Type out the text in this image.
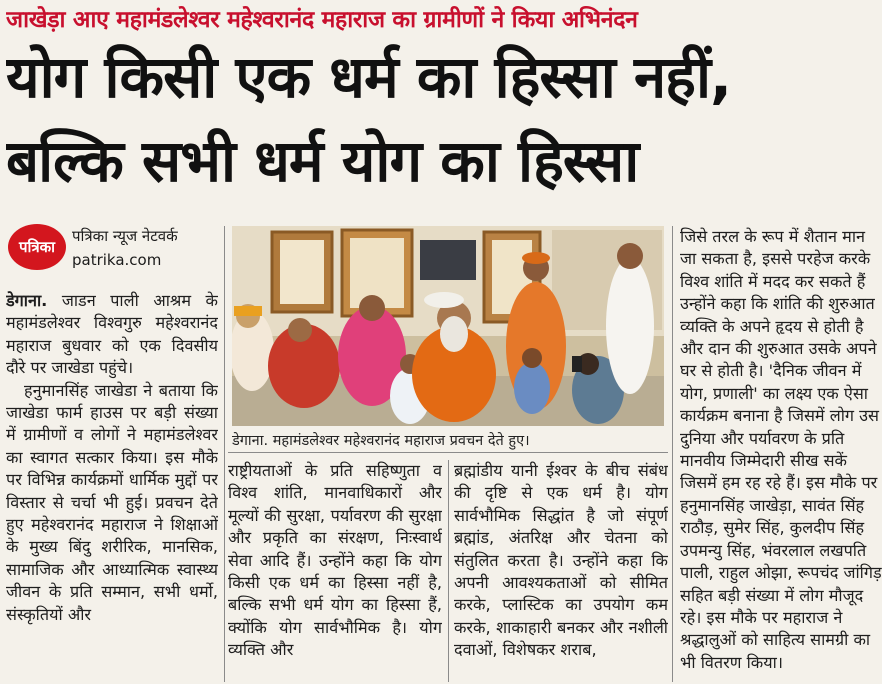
जाखेड़ा आए महामंडलेश्वर महेश्वरानंद महाराज का ग्रामीणों ने किया अभिनंदन
योग किसी एक धर्म का हिस्सा नहीं,
बल्कि सभी धर्म योग का हिस्सा
पत्रिका
पत्रिका न्यूज नेटवर्क
patrika.com

डेगाना. जाडन पाली आश्रम के महामंडलेश्वर विश्वगुरु महेश्वरानंद महाराज बुधवार को एक दिवसीय दौरे पर जाखेडा पहुंचे।

हनुमानसिंह जाखेडा ने बताया कि जाखेडा फार्म हाउस पर बड़ी संख्या में ग्रामीणों व लोगों ने महामंडलेश्वर का स्वागत सत्कार किया। इस मौके पर विभिन्न कार्यक्रमों धार्मिक मुद्दों पर विस्तार से चर्चा भी हुई। प्रवचन देते हुए महेश्वरानंद महाराज ने शिक्षाओं के मुख्य बिंदु शरीरिक, मानसिक, सामाजिक और आध्यात्मिक स्वास्थ्य जीवन के प्रति सम्मान, सभी धर्मो, संस्कृतियों और

डेगाना. महामंडलेश्वर महेश्वरानंद महाराज प्रवचन देते हुए।

राष्ट्रीयताओं के प्रति सहिष्णुता व विश्व शांति, मानवाधिकारों और मूल्यों की सुरक्षा, पर्यावरण की सुरक्षा और प्रकृति का संरक्षण, निःस्वार्थ सेवा आदि हैं। उन्होंने कहा कि योग किसी एक धर्म का हिस्सा नहीं है, बल्कि सभी धर्म योग का हिस्सा हैं, क्योंकि योग सार्वभौमिक है। योग व्यक्ति और

ब्रह्मांडीय यानी ईश्वर के बीच संबंध की दृष्टि से एक धर्म है। योग सार्वभौमिक सिद्धांत है जो संपूर्ण ब्रह्मांड, अंतरिक्ष और चेतना को संतुलित करता है। उन्होंने कहा कि अपनी आवश्यकताओं को सीमित करके, प्लास्टिक का उपयोग कम करके, शाकाहारी बनकर और नशीली दवाओं, विशेषकर शराब,

जिसे तरल के रूप में शैतान मान
जा सकता है, इससे परहेज करके
विश्व शांति में मदद कर सकते हैं
उन्होंने कहा कि शांति की शुरुआत
व्यक्ति के अपने हृदय से होती है
और दान की शुरुआत उसके अपने
घर से होती है। 'दैनिक जीवन में
योग, प्रणाली' का लक्ष्य एक ऐसा
कार्यक्रम बनाना है जिसमें लोग उस
दुनिया और पर्यावरण के प्रति
मानवीय जिम्मेदारी सीख सकें
जिसमें हम रह रहे हैं। इस मौके पर
हनुमानसिंह जाखेड़ा, सावंत सिंह
राठौड़, सुमेर सिंह, कुलदीप सिंह
उपमन्यु सिंह, भंवरलाल लखपति
पाली, राहुल ओझा, रूपचंद जांगिड़
सहित बड़ी संख्या में लोग मौजूद
रहे। इस मौके पर महाराज ने
श्रद्धालुओं को साहित्य सामग्री का
भी वितरण किया।
